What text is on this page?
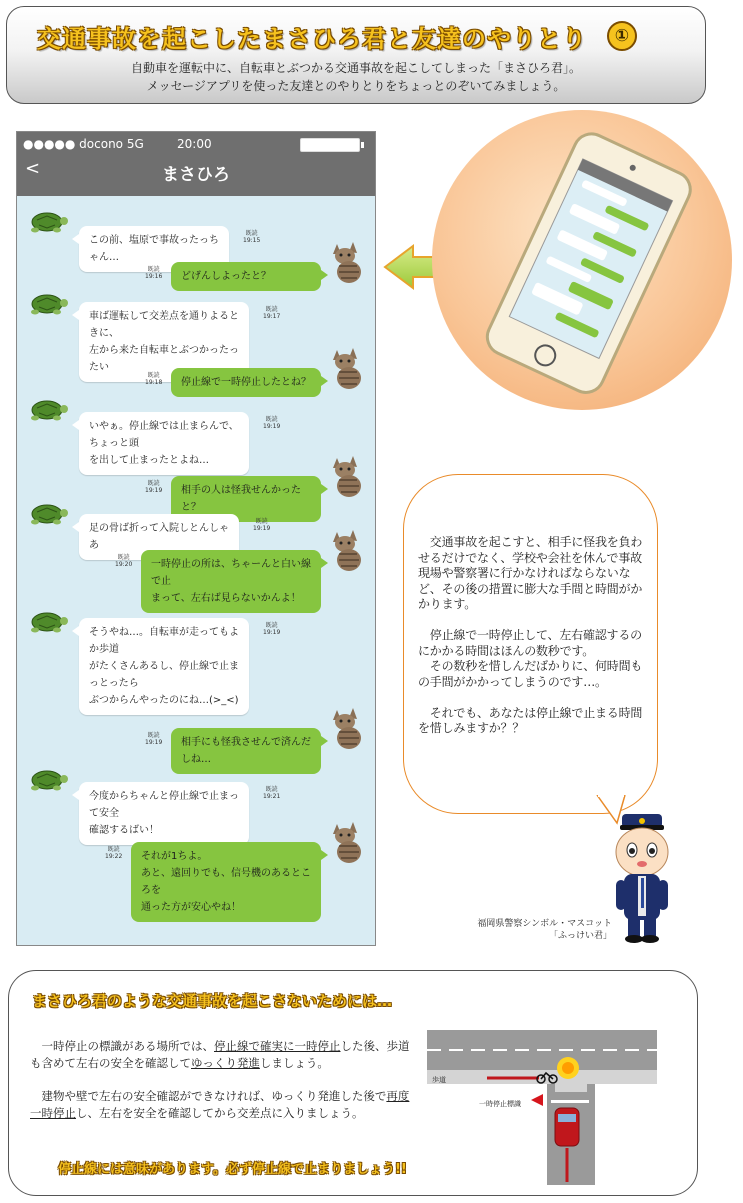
交通事故を起こしたまさひろ君と友達のやりとり	①
自動車を運転中に、自転車とぶつかる交通事故を起こしてしまった「まさひろ君」。
メッセージアプリを使った友達とのやりとりをちょっとのぞいてみましょう。
●●●●● docono 5G	20:00
<	まさひろ
この前、塩原で事故ったっちゃん…
既読
19:15
どげんしよったと？
既読
19:16
車ば運転して交差点を通りよるときに、
左から来た自転車とぶつかったったい
既読
19:17
停止線で一時停止したとね？
既読
19:18
いやぁ。停止線では止まらんで、ちょっと頭
を出して止まったとよね…
既読
19:19
相手の人は怪我せんかったと？
既読
19:19
足の骨ば折って入院しとんしゃあ
既読
19:19
一時停止の所は、ちゃーんと白い線で止
まって、左右ば見らないかんよ！
既読
19:20
そうやね…。自転車が走ってもよか歩道
がたくさんあるし、停止線で止まっとったら
ぶつからんやったのにね…(>_<)
既読
19:19
相手にも怪我させんで済んだしね…
既読
19:19
今度からちゃんと停止線で止まって安全
確認するばい！
既読
19:21
それが1ちよ。
あと、遠回りでも、信号機のあるところを
通った方が安心やね！
既読
19:22

　交通事故を起こすと、相手に怪我を負わせるだけでなく、学校や会社を休んで事故現場や警察署に行かなければならないなど、その後の措置に膨大な手間と時間がかかります。

　停止線で一時停止して、左右確認するのにかかる時間はほんの数秒です。

　その数秒を惜しんだばかりに、何時間もの手間がかかってしまうのです…。

　それでも、あなたは停止線で止まる時間を惜しみますか？？

福岡県警察シンボル・マスコット
「ふっけい君」
まさひろ君のような交通事故を起こさないためには…
　一時停止の標識がある場所では、停止線で確実に一時停止した後、歩道も含めて左右の安全を確認してゆっくり発進しましょう。
　建物や壁で左右の安全確認ができなければ、ゆっくり発進した後で再度一時停止し、左右を安全を確認してから交差点に入りましょう。
停止線には意味があります。必ず停止線で止まりましょう!!
歩道
一時停止標識
